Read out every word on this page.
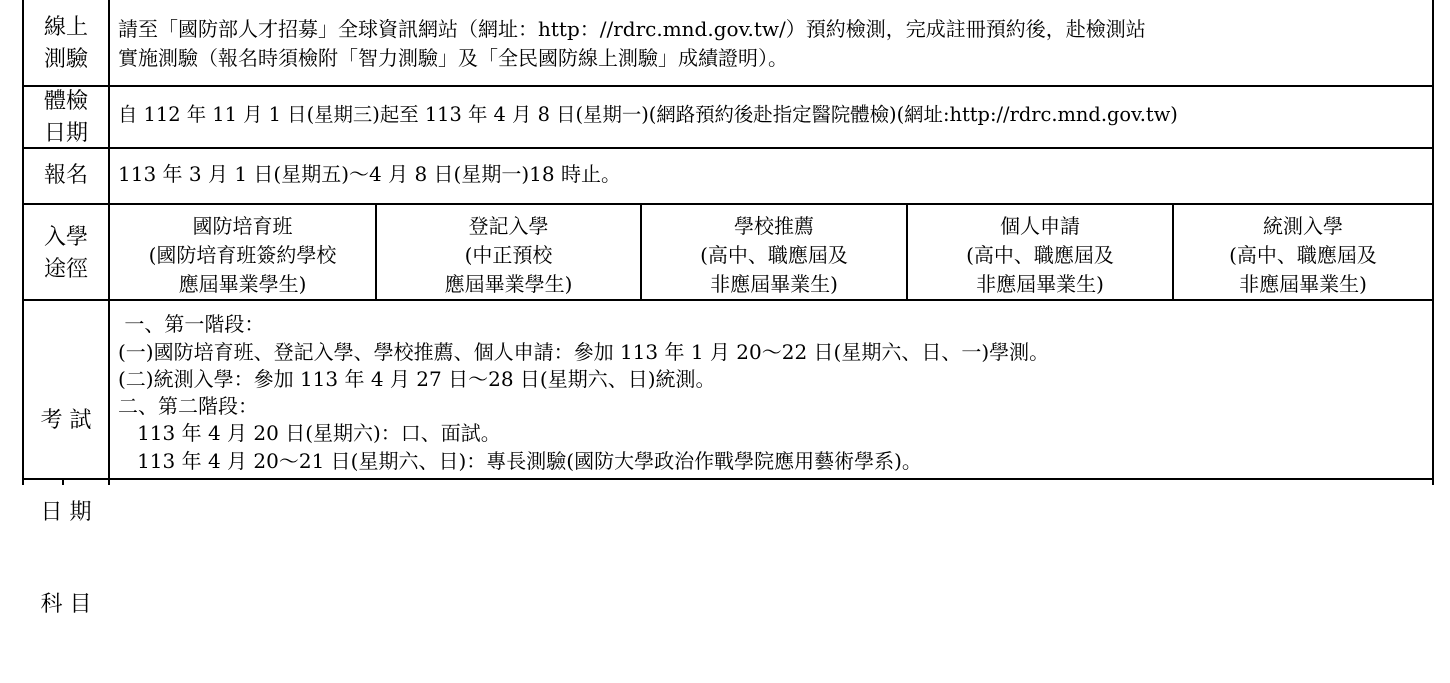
線上
測驗
請至「國防部人才招募」全球資訊網站（網址：http：//rdrc.mnd.gov.tw/）預約檢測，完成註冊預約後，赴檢測站
實施測驗（報名時須檢附「智力測驗」及「全民國防線上測驗」成績證明）。
體檢
日期
自 112 年 11 月 1 日(星期三)起至 113 年 4 月 8 日(星期一)(網路預約後赴指定醫院體檢)(網址:http://rdrc.mnd.gov.tw)
報名	113 年 3 月 1 日(星期五)～4 月 8 日(星期一)18 時止。
入學
途徑
國防培育班
(國防培育班簽約學校
應屆畢業學生)
登記入學
(中正預校
應屆畢業學生)
學校推薦
(高中、職應屆及
非應屆畢業生)
個人申請
(高中、職應屆及
非應屆畢業生)
統測入學
(高中、職應屆及
非應屆畢業生)

考 試

日 期

科 目

一、第一階段：
(一)國防培育班、登記入學、學校推薦、個人申請：參加 113 年 1 月 20～22 日(星期六、日、一)學測。
(二)統測入學：參加 113 年 4 月 27 日～28 日(星期六、日)統測。
二、第二階段：
113 年 4 月 20 日(星期六)：口、面試。
113 年 4 月 20～21 日(星期六、日)：專長測驗(國防大學政治作戰學院應用藝術學系)。
